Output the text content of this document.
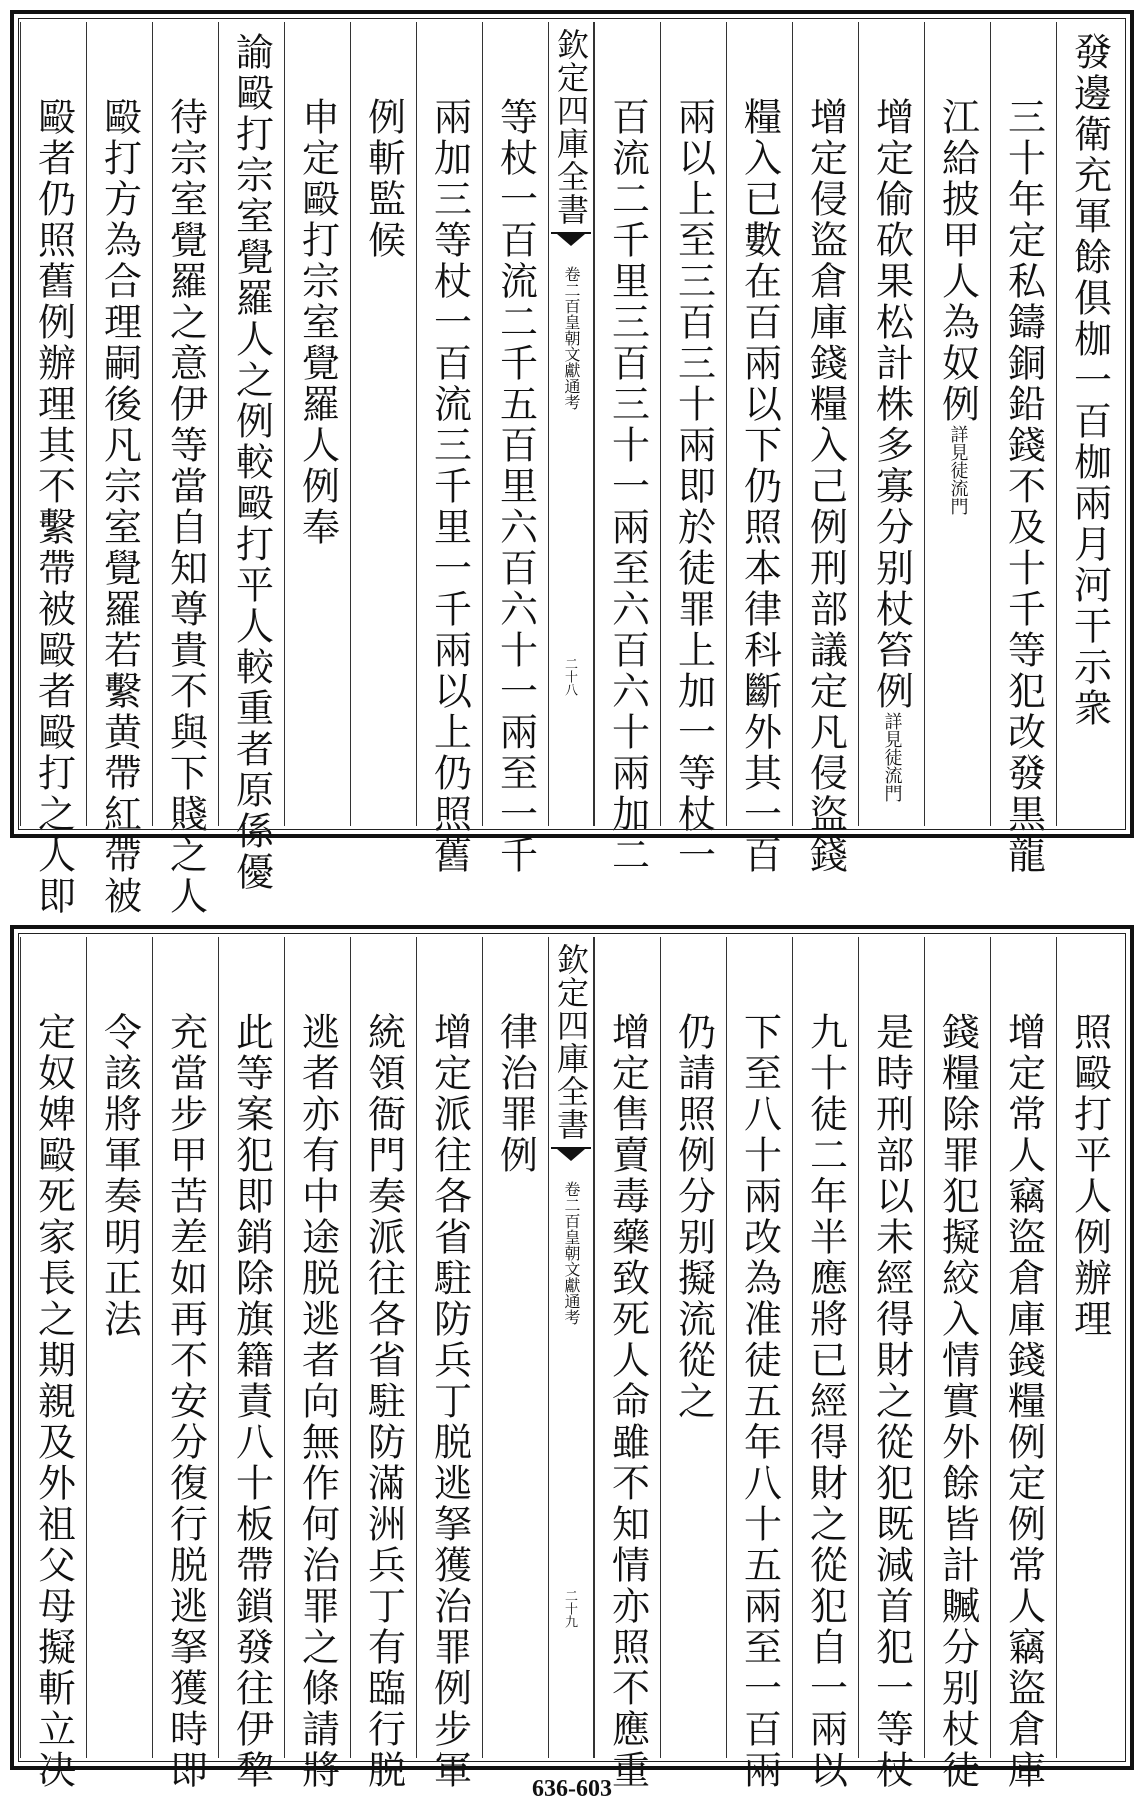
發邊衛充軍餘俱枷一百枷兩月河干示衆
三十年定私鑄銅鉛錢不及十千等犯改發黒龍
江給披甲人為奴例詳見徒流門
增定偷砍果松計株多寡分别杖笞例詳見徒流門
增定侵盜倉庫錢糧入己例刑部議定凡侵盜錢
糧入已數在百兩以下仍照本律科斷外其一百
兩以上至三百三十兩即於徒罪上加一等杖一
百流二千里三百三十一兩至六百六十兩加二
欽定四庫全書
皇朝文獻通考
卷二百
二十八
等杖一百流二千五百里六百六十一兩至一千
兩加三等杖一百流三千里一千兩以上仍照舊
例斬監候
申定毆打宗室覺羅人例奉
諭毆打宗室覺羅人之例較毆打平人較重者原係優
待宗室覺羅之意伊等當自知尊貴不與下賤之人
毆打方為合理嗣後凡宗室覺羅若繫黄帶紅帶被
毆者仍照舊例辦理其不繫帶被毆者毆打之人即
照毆打平人例辦理
增定常人竊盜倉庫錢糧例定例常人竊盜倉庫
錢糧除罪犯擬絞入情實外餘皆計贓分别杖徒
是時刑部以未經得財之從犯既減首犯一等杖
九十徒二年半應將已經得財之從犯自一兩以
下至八十兩改為准徒五年八十五兩至一百兩
仍請照例分别擬流從之
增定售賣毒藥致死人命雖不知情亦照不應重
欽定四庫全書
皇朝文獻通考
卷二百
二十九
律治罪例
增定派往各省駐防兵丁脱逃拏獲治罪例步軍
統領衙門奏派往各省駐防滿洲兵丁有臨行脱
逃者亦有中途脱逃者向無作何治罪之條請將
此等案犯即銷除旗籍責八十板帶鎖發往伊犂
充當步甲苦差如再不安分復行脱逃拏獲時即
令該將軍奏明正法
定奴婢毆死家長之期親及外祖父母擬斬立决	636-603
